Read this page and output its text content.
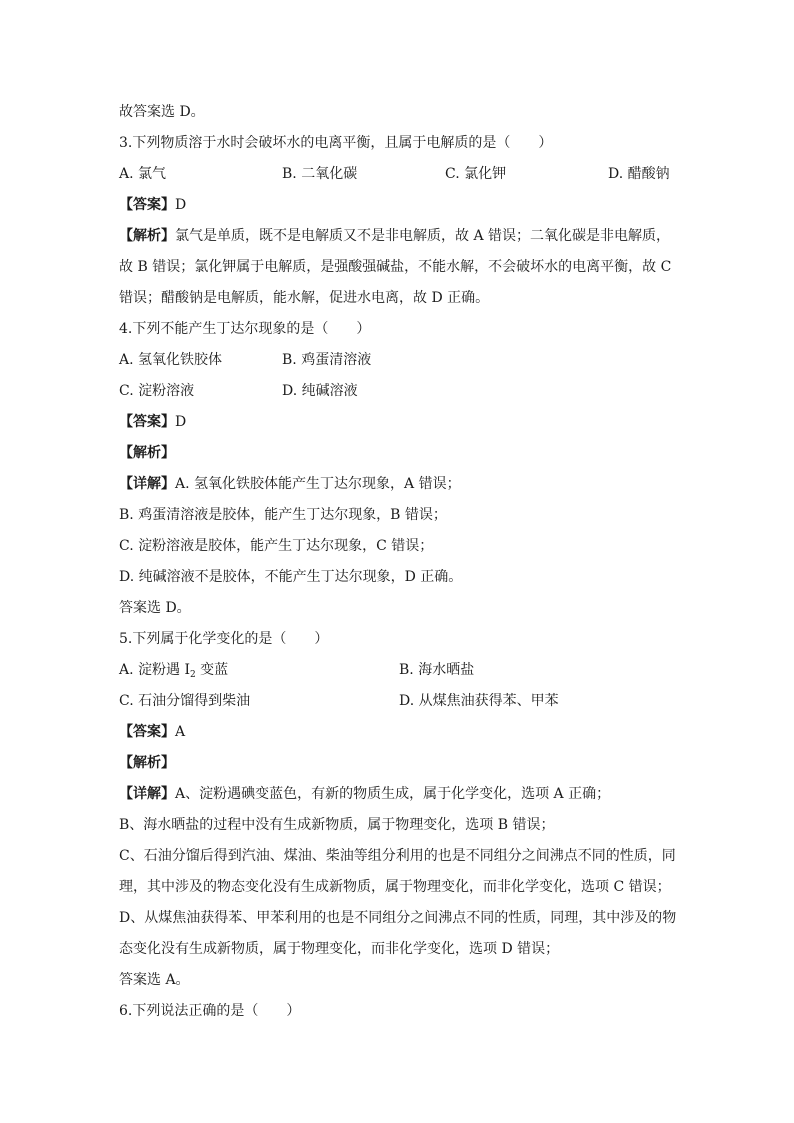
故答案选 D。
3.下列物质溶于水时会破坏水的电离平衡，且属于电解质的是（　　）
A. 氯气	B. 二氧化碳	C. 氯化钾	D. 醋酸钠
【答案】D
【解析】氯气是单质，既不是电解质又不是非电解质，故 A 错误；二氧化碳是非电解质，
故 B 错误；氯化钾属于电解质，是强酸强碱盐，不能水解，不会破坏水的电离平衡，故 C
错误；醋酸钠是电解质，能水解，促进水电离，故 D 正确。
4.下列不能产生丁达尔现象的是（　　）
A. 氢氧化铁胶体	B. 鸡蛋清溶液
C. 淀粉溶液	D. 纯碱溶液
【答案】D
【解析】
【详解】A. 氢氧化铁胶体能产生丁达尔现象，A 错误；
B. 鸡蛋清溶液是胶体，能产生丁达尔现象，B 错误；
C. 淀粉溶液是胶体，能产生丁达尔现象，C 错误；
D. 纯碱溶液不是胶体，不能产生丁达尔现象，D 正确。
答案选 D。
5.下列属于化学变化的是（　　）
A. 淀粉遇 $I_2$ 变蓝	B. 海水晒盐
C. 石油分馏得到柴油	D. 从煤焦油获得苯、甲苯
【答案】A
【解析】
【详解】A、淀粉遇碘变蓝色，有新的物质生成，属于化学变化，选项 A 正确；
B、海水晒盐的过程中没有生成新物质，属于物理变化，选项 B 错误；
C、石油分馏后得到汽油、煤油、柴油等组分利用的也是不同组分之间沸点不同的性质，同
理，其中涉及的物态变化没有生成新物质，属于物理变化，而非化学变化，选项 C 错误；
D、从煤焦油获得苯、甲苯利用的也是不同组分之间沸点不同的性质，同理，其中涉及的物
态变化没有生成新物质，属于物理变化，而非化学变化，选项 D 错误；
答案选 A。
6.下列说法正确的是（　　）
